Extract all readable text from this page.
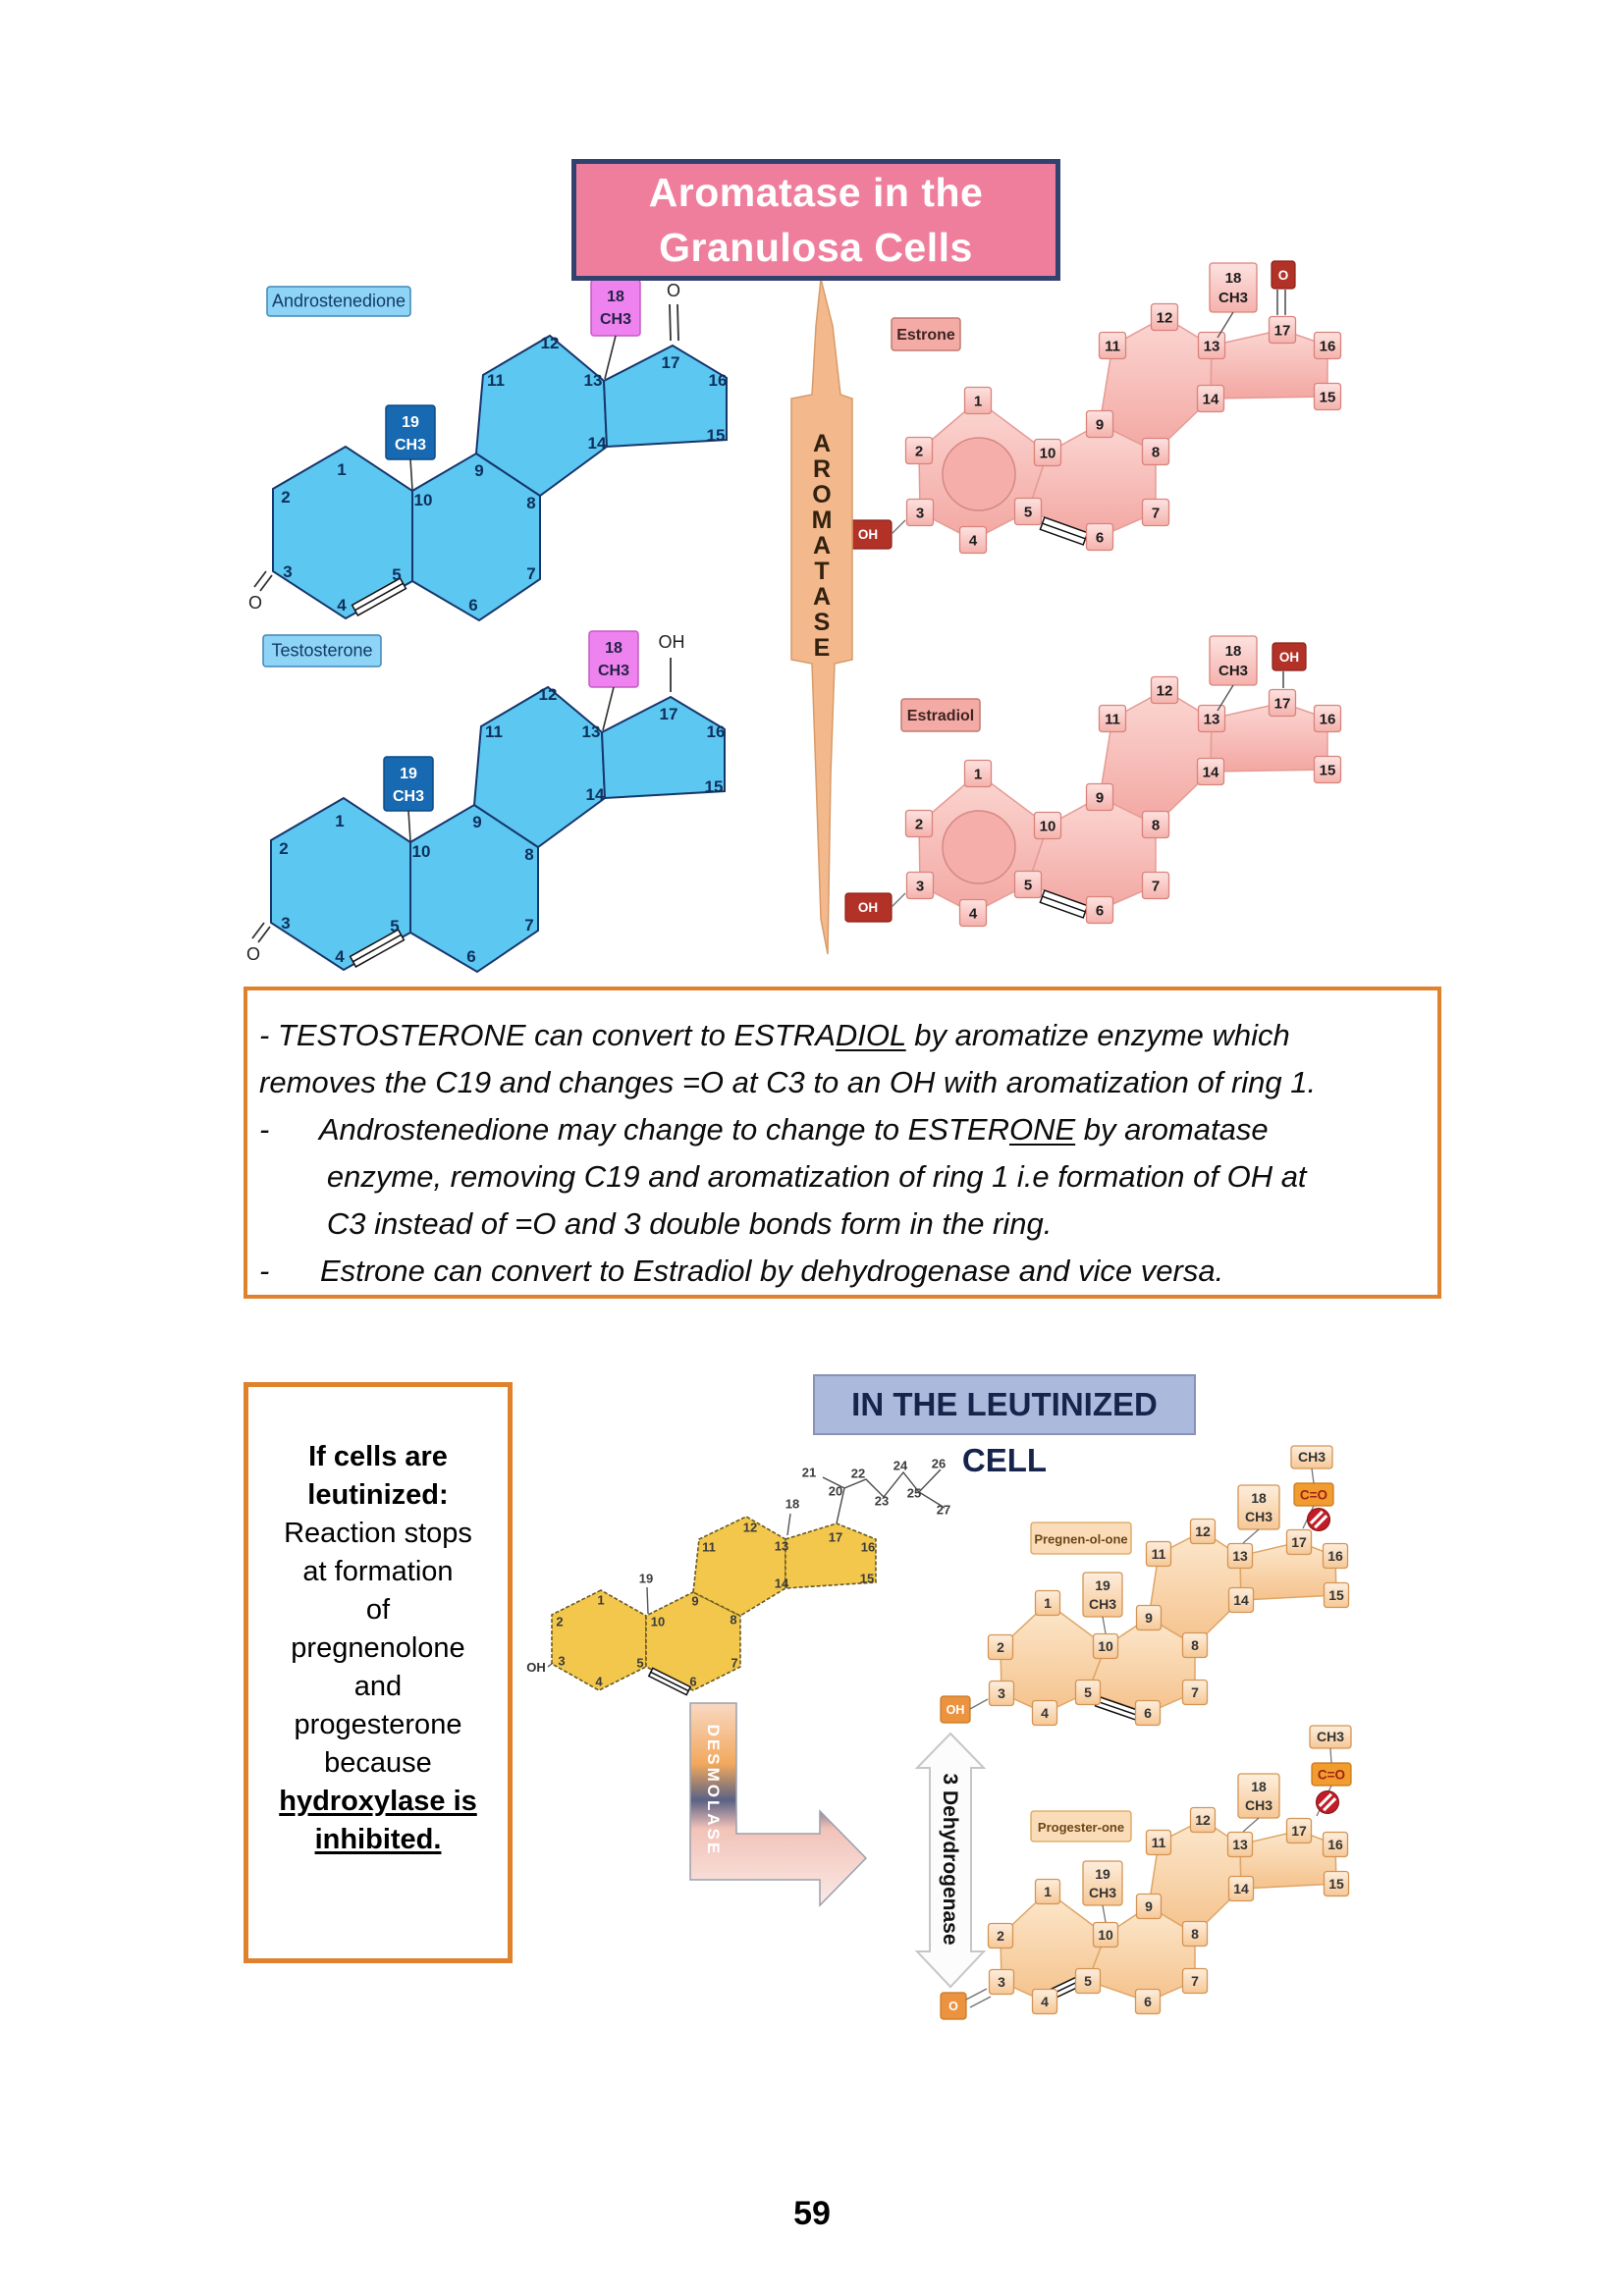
1
2
3
4
5
6
7
8
9
10
11
12
13
14	15
16
17
19
CH3
18
CH3
O
O
Androstenedione
1
2
3
4
5
6
7
8
9
10
11
12
13
14	15
16
17
19
CH3
18
CH3
O
OH
Testosterone
1
2
3
4
5
6
7
8
9
10
11
12
13
14	15
16
17
18
CH3
O
OH
Estrone
1
2
3
4
5
6
7
8
9
10
11
12
13
14	15
16
17
18
CH3
OH
OH
Estradiol
1
2
3
4
5
6
7
8
9
10
11
12
13
14	15
16
17
19
CH3
18
CH3
CH3
C=O
OH
Pregnen-ol-one
1
2
3
4
5
6
7
8
9
10
11
12
13
14	15
16
17
19
CH3
18
CH3
CH3
C=O
O
Progester-one
1
2
3
4
5
6
7
8
9
10
11
12
13
14	15
16
17
18
19
20
21	22
23
24
25
26
27
OH
A
R
O
M
A
T
A
S
E
DESMOLASE	3 Dehydrogenase
Aromatase in the
Granulosa Cells
- TESTOSTERONE can convert to ESTRADIOL by aromatize enzyme which
removes the C19 and changes =O at C3 to an OH with aromatization of ring 1.
-      Androstenedione may change to change to ESTERONE by aromatase
enzyme, removing C19 and aromatization of ring 1 i.e formation of OH at
C3 instead of =O and 3 double bonds form in the ring.
-      Estrone can convert to Estradiol by dehydrogenase and vice versa.
IN THE LEUTINIZED CELL
If cells are
leutinized:
Reaction stops
at formation
of
pregnenolone
and
progesterone
because
hydroxylase is
inhibited.
59
